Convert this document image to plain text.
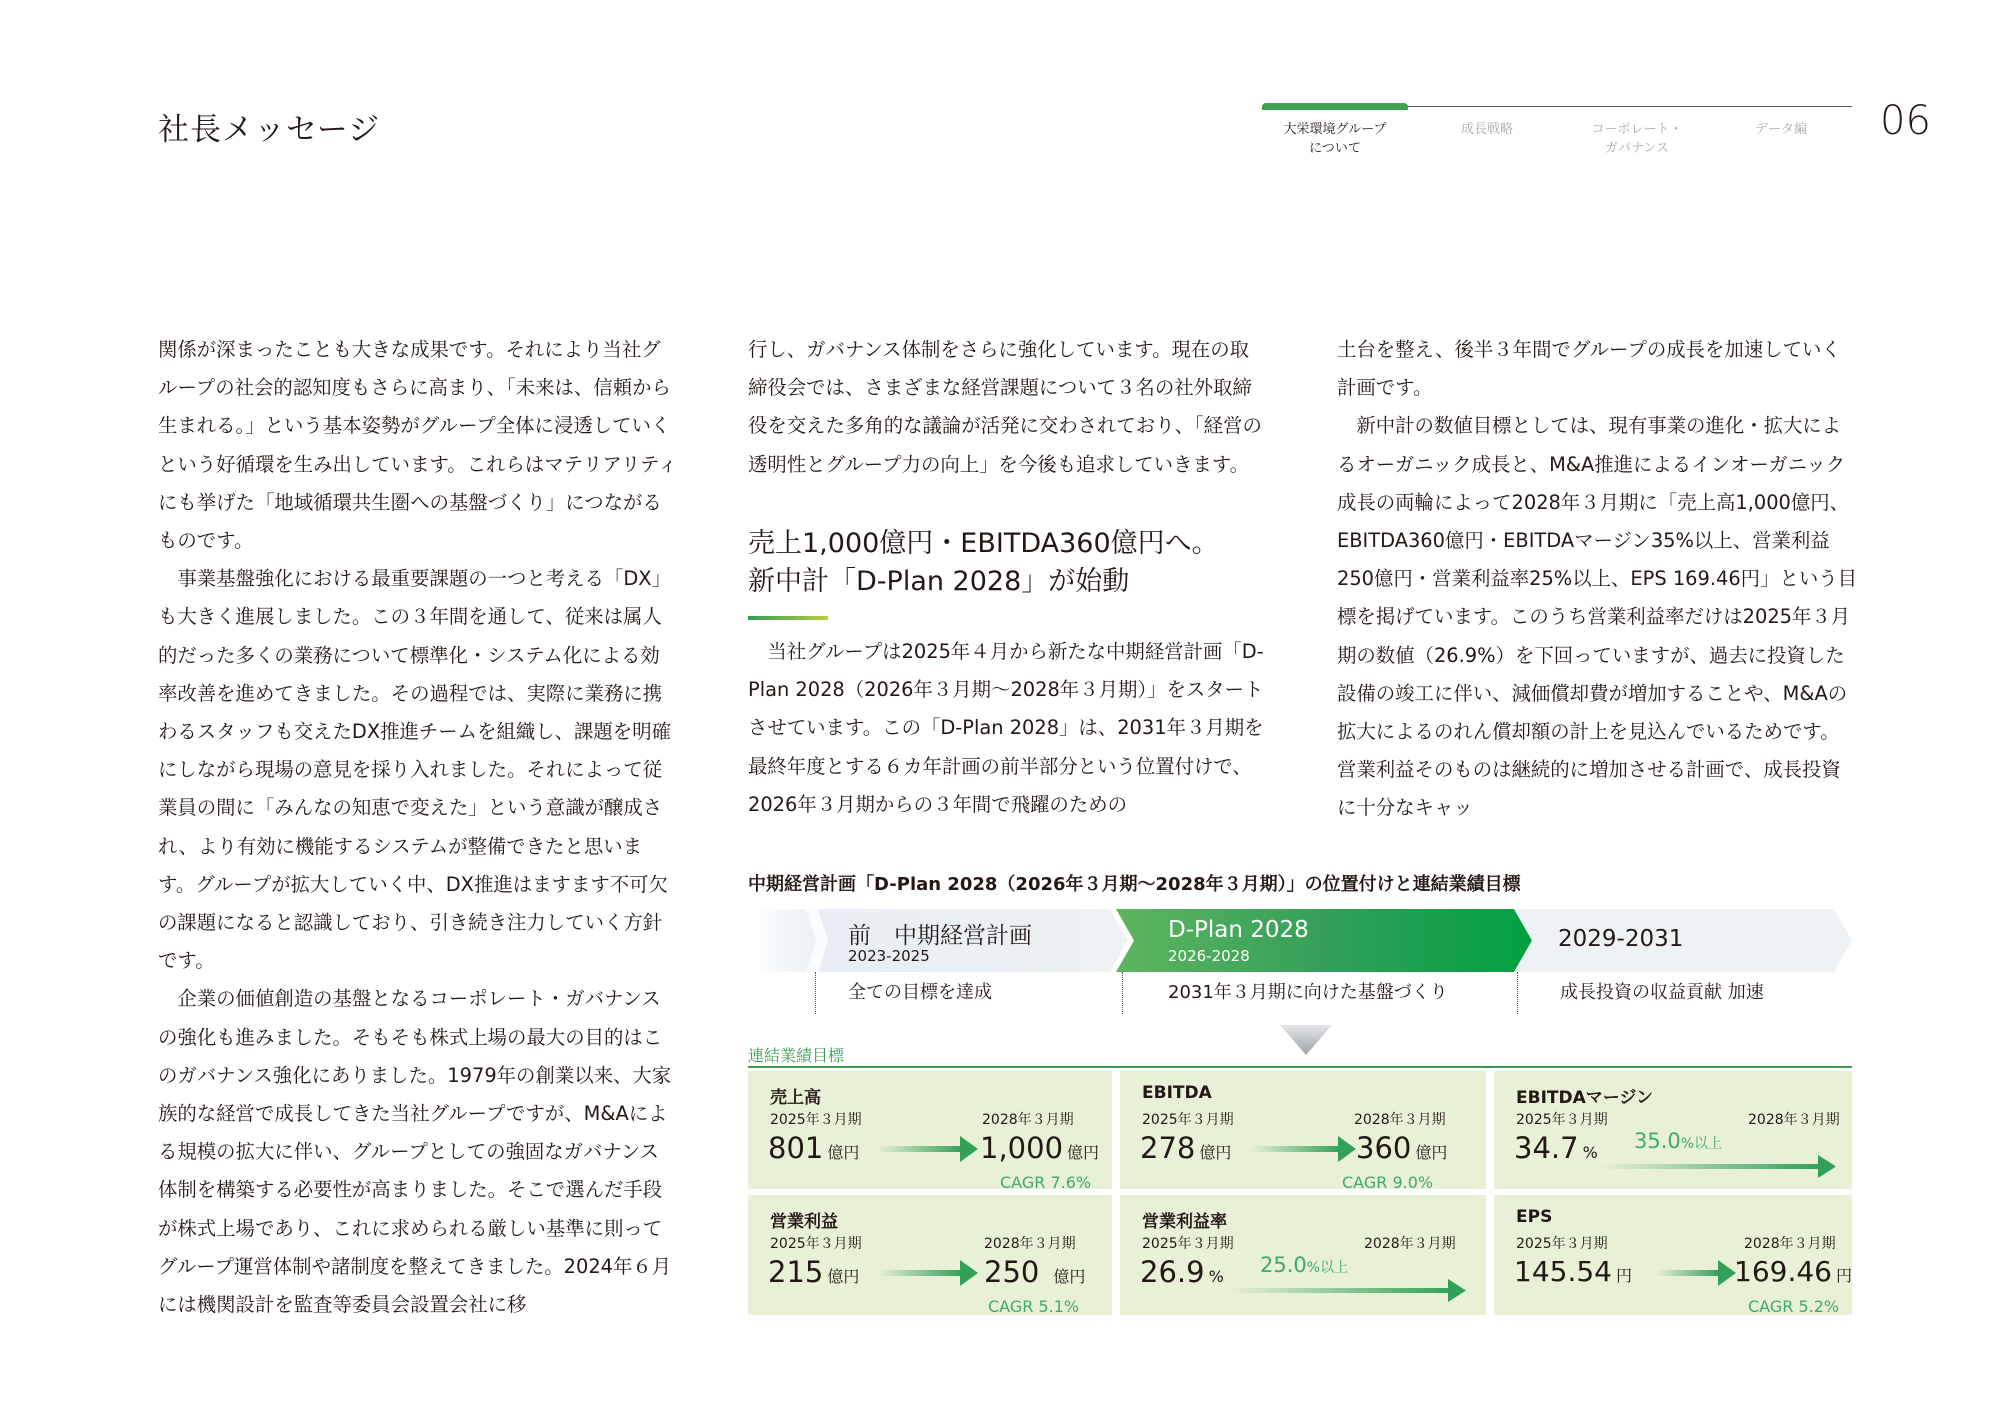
社長メッセージ	大栄環境グループ
について
成長戦略	コーポレート・
ガバナンス
データ編	06

関係が深まったことも大きな成果です。それにより当社グループの社会的認知度もさらに高まり、「未来は、信頼から生まれる。」という基本姿勢がグループ全体に浸透していくという好循環を生み出しています。これらはマテリアリティにも挙げた「地域循環共生圏への基盤づくり」につながるものです。

事業基盤強化における最重要課題の一つと考える「DX」も大きく進展しました。この３年間を通して、従来は属人的だった多くの業務について標準化・システム化による効率改善を進めてきました。その過程では、実際に業務に携わるスタッフも交えたDX推進チームを組織し、課題を明確にしながら現場の意見を採り入れました。それによって従業員の間に「みんなの知恵で変えた」という意識が醸成され、より有効に機能するシステムが整備できたと思います。グループが拡大していく中、DX推進はますます不可欠の課題になると認識しており、引き続き注力していく方針です。

企業の価値創造の基盤となるコーポレート・ガバナンスの強化も進みました。そもそも株式上場の最大の目的はこのガバナンス強化にありました。1979年の創業以来、大家族的な経営で成長してきた当社グループですが、M&Aによる規模の拡大に伴い、グループとしての強固なガバナンス体制を構築する必要性が高まりました。そこで選んだ手段が株式上場であり、これに求められる厳しい基準に則ってグループ運営体制や諸制度を整えてきました。2024年６月には機関設計を監査等委員会設置会社に移

行し、ガバナンス体制をさらに強化しています。現在の取締役会では、さまざまな経営課題について３名の社外取締役を交えた多角的な議論が活発に交わされており、「経営の透明性とグループ力の向上」を今後も追求していきます。

売上1,000億円・EBITDA360億円へ。
新中計「D-Plan 2028」が始動

当社グループは2025年４月から新たな中期経営計画「D-Plan 2028（2026年３月期〜2028年３月期）」をスタートさせています。この「D-Plan 2028」は、2031年３月期を最終年度とする６カ年計画の前半部分という位置付けで、2026年３月期からの３年間で飛躍のための

土台を整え、後半３年間でグループの成長を加速していく計画です。

新中計の数値目標としては、現有事業の進化・拡大によるオーガニック成長と、M&A推進によるインオーガニック成長の両輪によって2028年３月期に「売上高1,000億円、EBITDA360億円・EBITDAマージン35%以上、営業利益250億円・営業利益率25%以上、EPS 169.46円」という目標を掲げています。このうち営業利益率だけは2025年３月期の数値（26.9%）を下回っていますが、過去に投資した設備の竣工に伴い、減価償却費が増加することや、M&Aの拡大によるのれん償却額の計上を見込んでいるためです。営業利益そのものは継続的に増加させる計画で、成長投資に十分なキャッ

中期経営計画「D-Plan 2028（2026年３月期〜2028年３月期）」の位置付けと連結業績目標
前　中期経営計画
2023-2025
D-Plan 2028
2026-2028
2029-2031
全ての目標を達成	2031年３月期に向けた基盤づくり	成長投資の収益貢献 加速
連結業績目標
売上高
2025年３月期	2028年３月期
801 億円	1,000 億円
CAGR 7.6%
EBITDA
2025年３月期	2028年３月期
278 億円	360 億円
CAGR 9.0%
EBITDAマージン
2025年３月期	2028年３月期
34.7 % 35.0%以上
営業利益
2025年３月期	2028年３月期
215 億円	250 億円
CAGR 5.1%
営業利益率
2025年３月期	2028年３月期
26.9 % 25.0%以上
EPS
2025年３月期	2028年３月期
145.54 円	169.46 円
CAGR 5.2%
